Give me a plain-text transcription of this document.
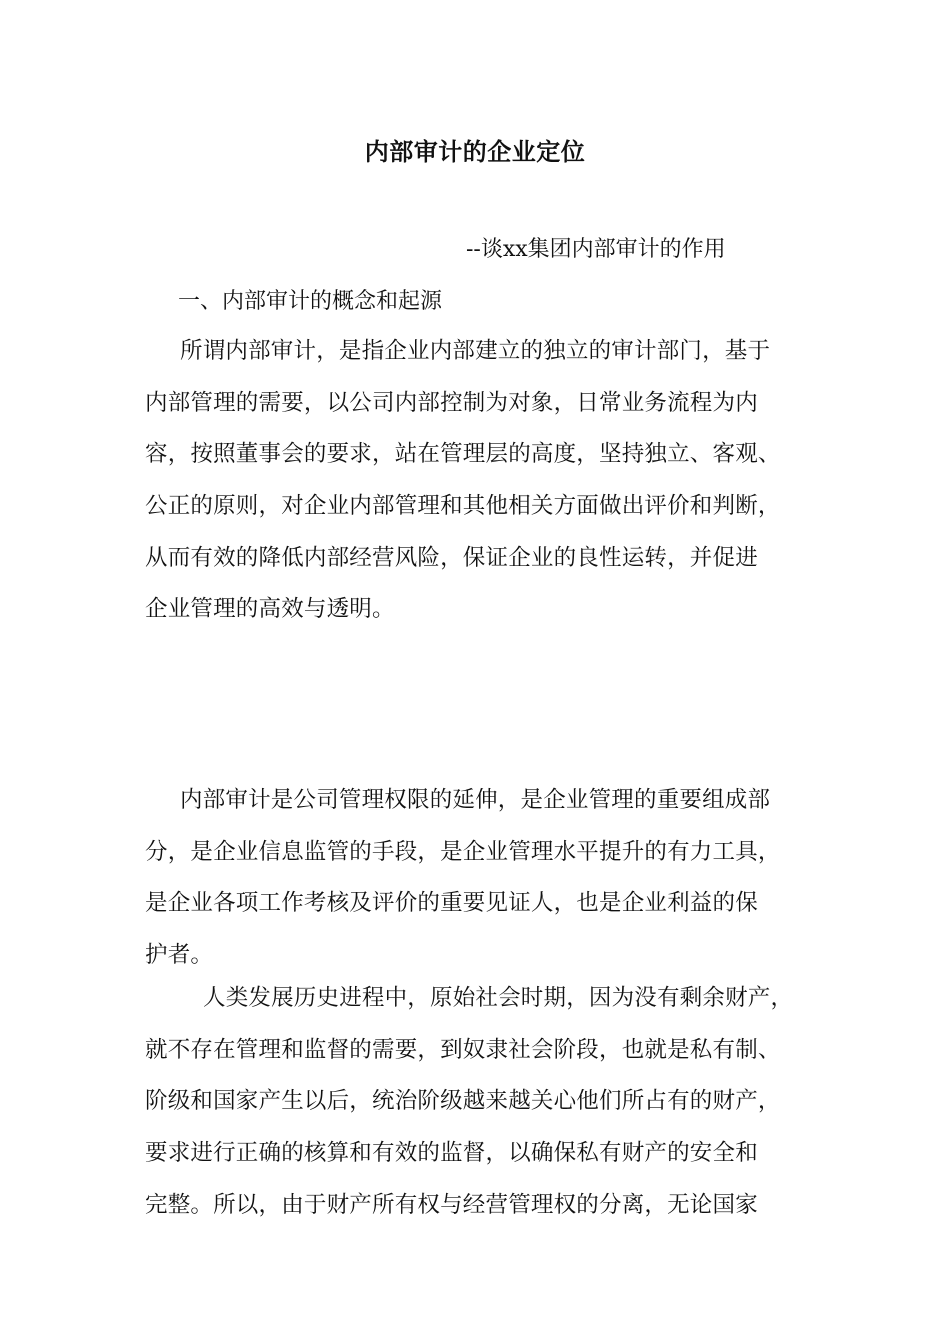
内部审计的企业定位
--谈xx集团内部审计的作用
一、内部审计的概念和起源
所谓内部审计，是指企业内部建立的独立的审计部门，基于
内部管理的需要，以公司内部控制为对象，日常业务流程为内
容，按照董事会的要求，站在管理层的高度，坚持独立、客观、
公正的原则，对企业内部管理和其他相关方面做出评价和判断，
从而有效的降低内部经营风险，保证企业的良性运转，并促进
企业管理的高效与透明。
内部审计是公司管理权限的延伸，是企业管理的重要组成部
分，是企业信息监管的手段，是企业管理水平提升的有力工具，
是企业各项工作考核及评价的重要见证人，也是企业利益的保
护者。
人类发展历史进程中，原始社会时期，因为没有剩余财产，
就不存在管理和监督的需要，到奴隶社会阶段，也就是私有制、
阶级和国家产生以后，统治阶级越来越关心他们所占有的财产，
要求进行正确的核算和有效的监督，以确保私有财产的安全和
完整。所以，由于财产所有权与经营管理权的分离，无论国家
